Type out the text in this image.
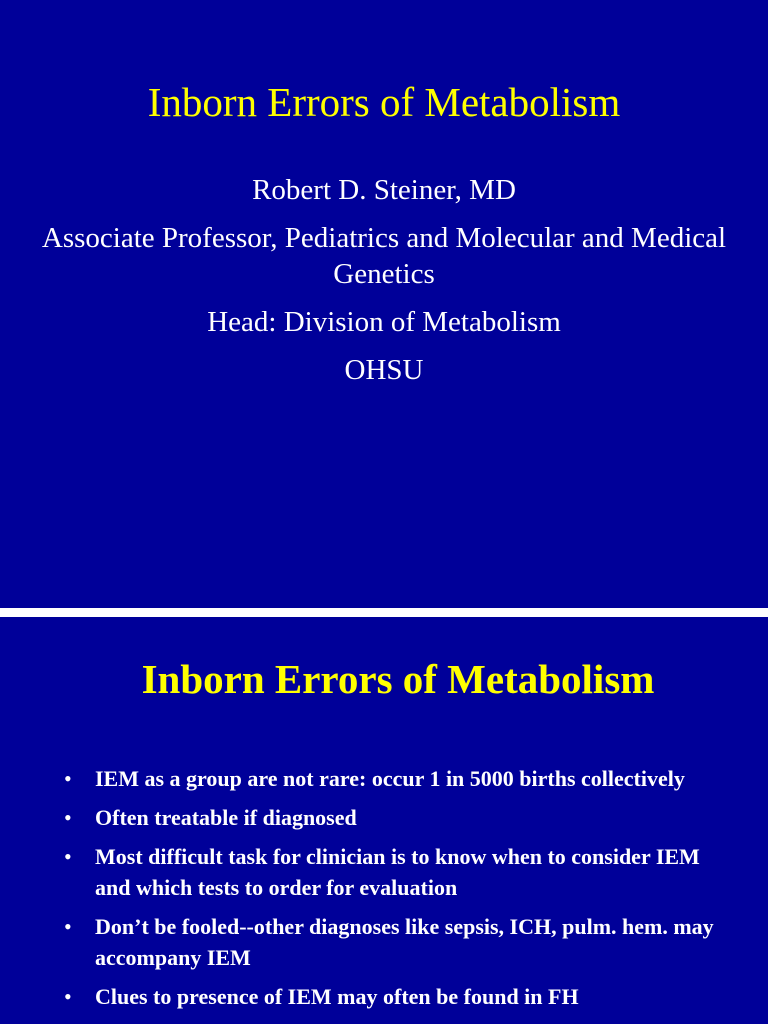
Inborn Errors of Metabolism
Robert D. Steiner, MD
Associate Professor, Pediatrics and Molecular and Medical Genetics
Head: Division of Metabolism
OHSU
Inborn Errors of Metabolism
• IEM as a group are not rare: occur 1 in 5000 births collectively
• Often treatable if diagnosed
• Most difficult task for clinician is to know when to consider IEM and which tests to order for evaluation
• Don’t be fooled--other diagnoses like sepsis, ICH, pulm. hem. may accompany IEM
• Clues to presence of IEM may often be found in FH
